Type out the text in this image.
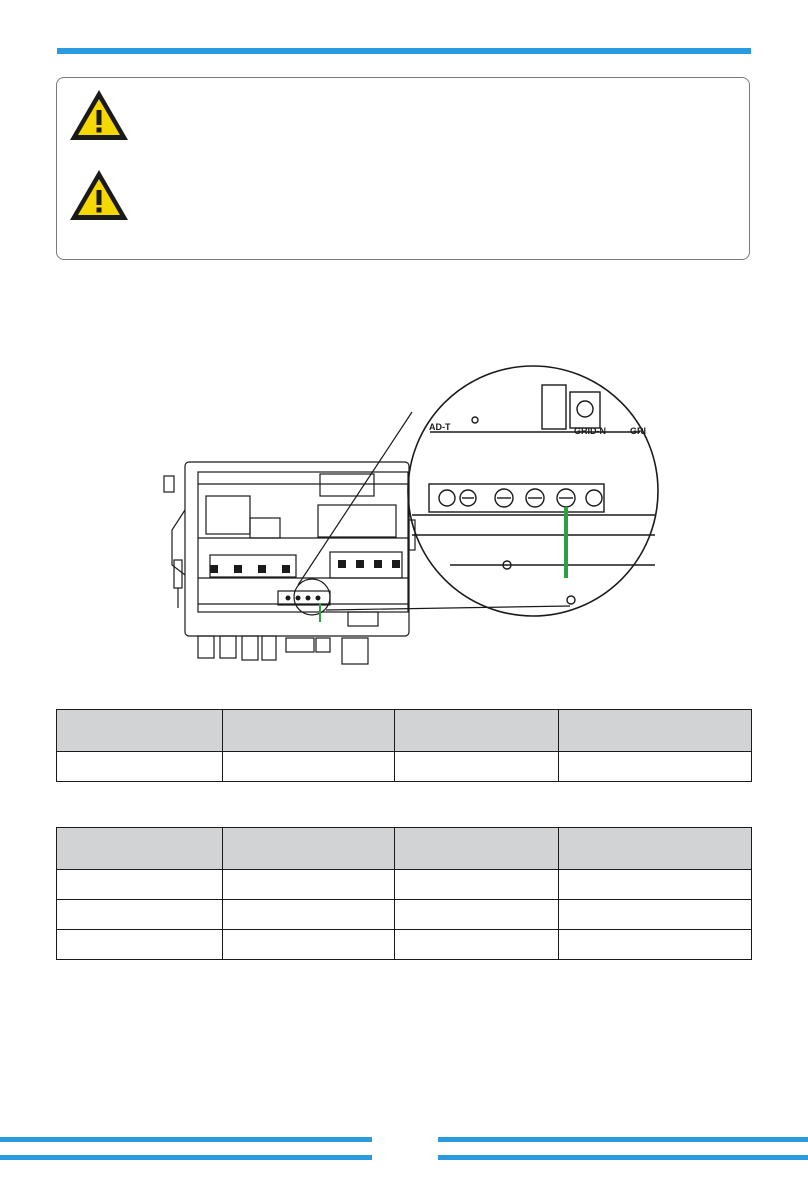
AD-T	GRID-N	GRI
